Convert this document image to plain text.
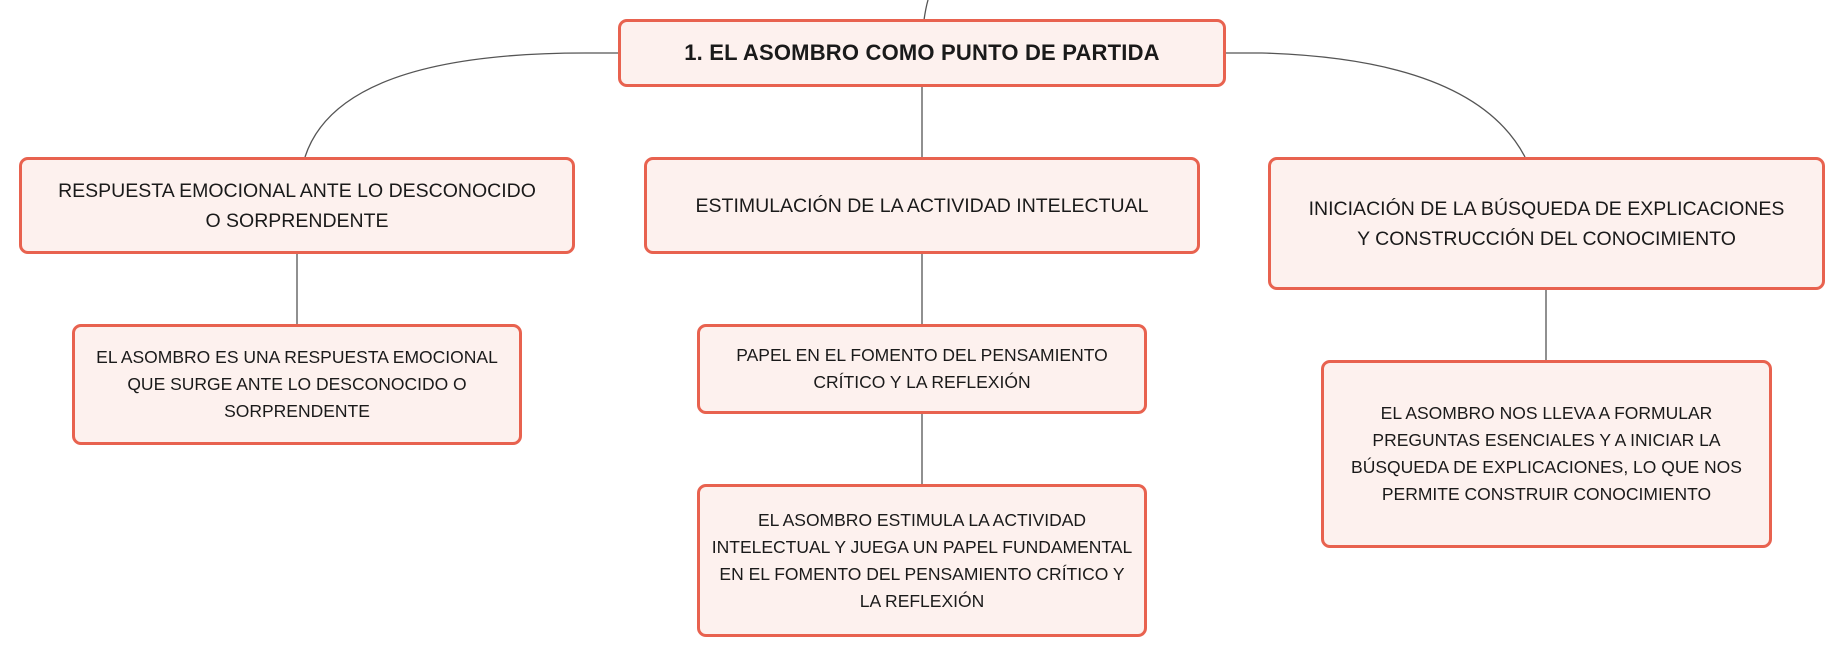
1. EL ASOMBRO COMO PUNTO DE PARTIDA
RESPUESTA EMOCIONAL ANTE LO DESCONOCIDO O SORPRENDENTE
ESTIMULACIÓN DE LA ACTIVIDAD INTELECTUAL	INICIACIÓN DE LA BÚSQUEDA DE EXPLICACIONES Y CONSTRUCCIÓN DEL CONOCIMIENTO
EL ASOMBRO ES UNA RESPUESTA EMOCIONAL QUE SURGE ANTE LO DESCONOCIDO O SORPRENDENTE
PAPEL EN EL FOMENTO DEL PENSAMIENTO CRÍTICO Y LA REFLEXIÓN
EL ASOMBRO ESTIMULA LA ACTIVIDAD INTELECTUAL Y JUEGA UN PAPEL FUNDAMENTAL EN EL FOMENTO DEL PENSAMIENTO CRÍTICO Y LA REFLEXIÓN
EL ASOMBRO NOS LLEVA A FORMULAR PREGUNTAS ESENCIALES Y A INICIAR LA BÚSQUEDA DE EXPLICACIONES, LO QUE NOS PERMITE CONSTRUIR CONOCIMIENTO
